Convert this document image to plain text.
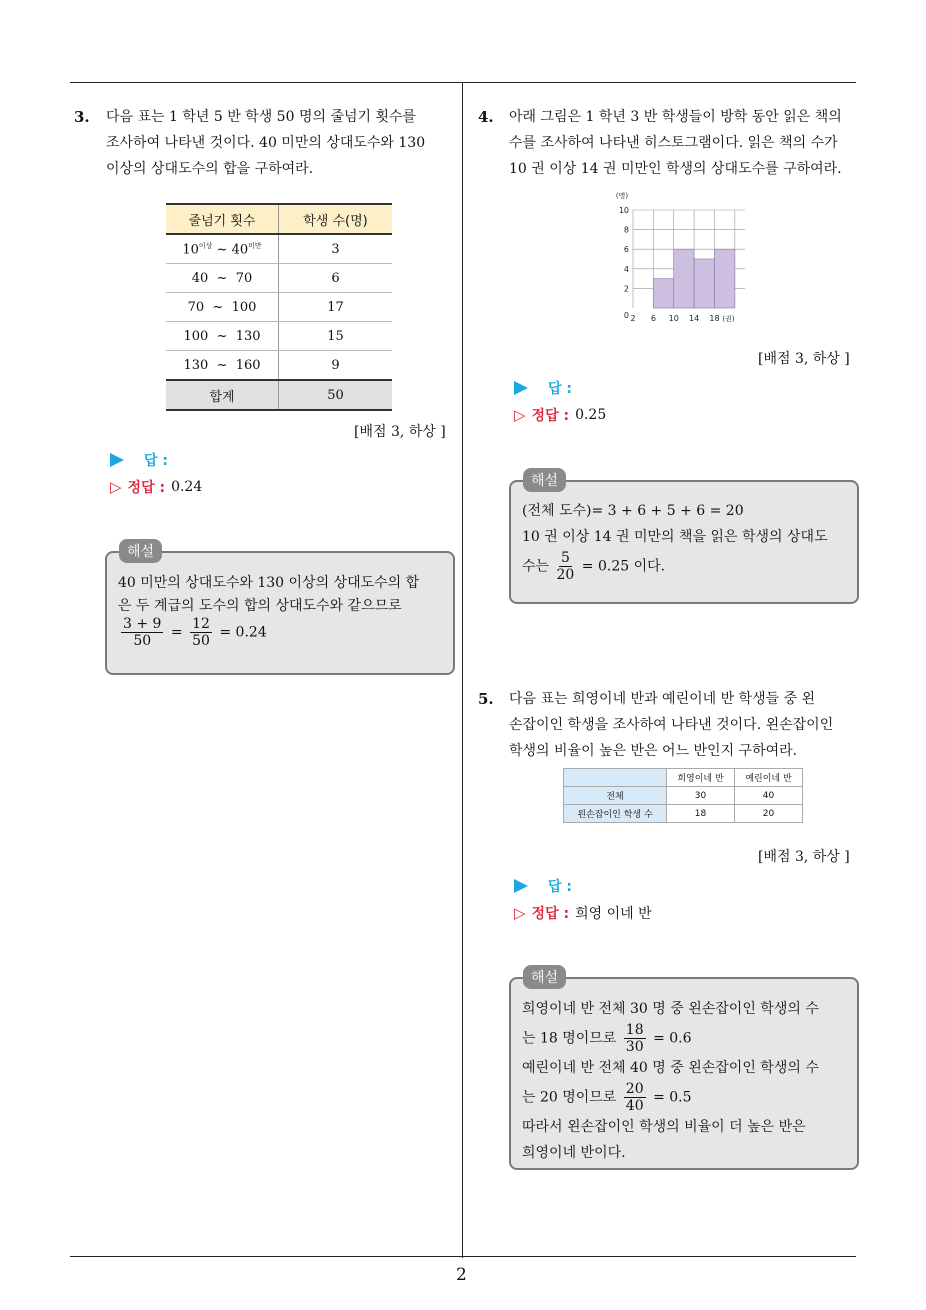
2
3. 다음 표는 1 학년 5 반 학생 50 명의 줄넘기 횟수를
조사하여 나타낸 것이다. 40 미만의 상대도수와 130
이상의 상대도수의 합을 구하여라.
줄넘기 횟수	학생 수(명)
$10^{이상}$ ~ $40^{미만}$	3
40 ~ 70	6
70 ~ 100	17
100 ~ 130	15
130 ~ 160	9
합계	50
[배점 3, 하상 ]
답 :
▷ 정답 : 0.24
해설
40 미만의 상대도수와 130 이상의 상대도수의 합
은 두 계급의 도수의 합의 상대도수와 같으므로
$\frac{3 + 9}{50} = \frac{12}{50} = 0.24$
4. 아래 그림은 1 학년 3 반 학생들이 방학 동안 읽은 책의
수를 조사하여 나타낸 히스토그램이다. 읽은 책의 수가
10 권 이상 14 권 미만인 학생의 상대도수를 구하여라.
0
2
4
6
8
10
2 6 10 14 18
(명)
(권)
[배점 3, 하상 ]
답 :
▷ 정답 : 0.25
해설
(전체 도수)= 3 + 6 + 5 + 6 = 20
10 권 이상 14 권 미만의 책을 읽은 학생의 상대도
수는 $\frac{5}{20} = 0.25$ 이다.
5. 다음 표는 희영이네 반과 예린이네 반 학생들 중 왼
손잡이인 학생을 조사하여 나타낸 것이다. 왼손잡이인
학생의 비율이 높은 반은 어느 반인지 구하여라.
	희영이네 반	예린이네 반
전체	30	40
왼손잡이인 학생 수	18	20
[배점 3, 하상 ]
답 :
▷ 정답 : 희영 이네 반
해설
희영이네 반 전체 30 명 중 왼손잡이인 학생의 수
는 18 명이므로 $\frac{18}{30} = 0.6$
예린이네 반 전체 40 명 중 왼손잡이인 학생의 수
는 20 명이므로 $\frac{20}{40} = 0.5$
따라서 왼손잡이인 학생의 비율이 더 높은 반은
희영이네 반이다.
